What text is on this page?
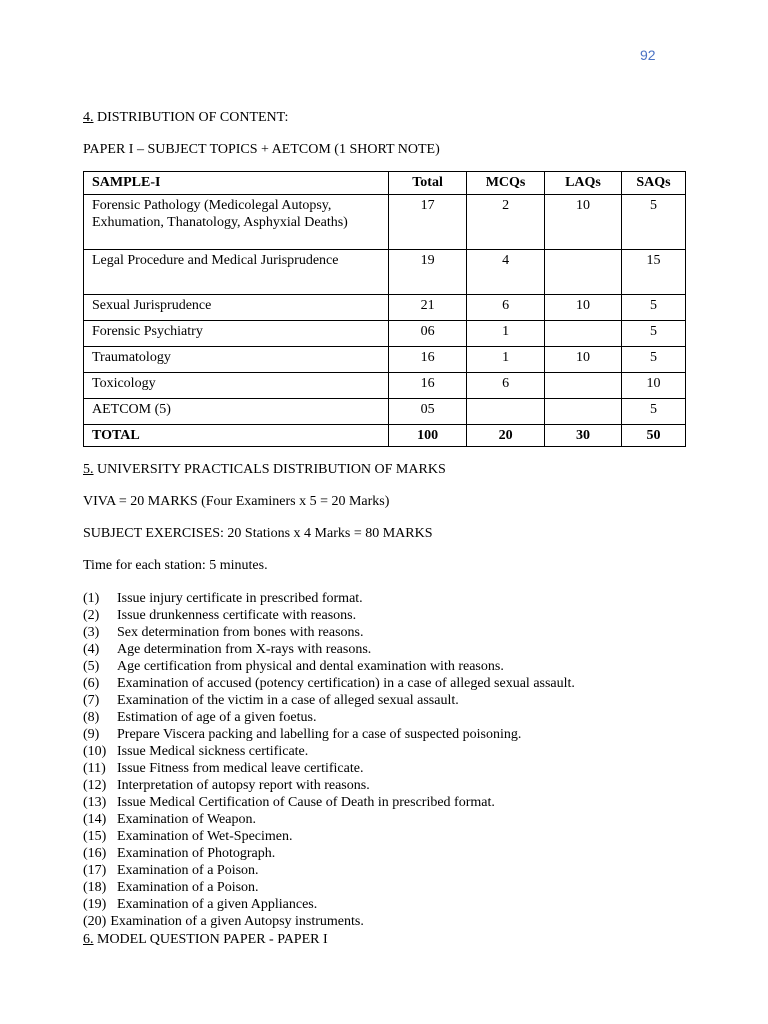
92
4. DISTRIBUTION OF CONTENT:
PAPER I – SUBJECT TOPICS + AETCOM (1 SHORT NOTE)
SAMPLE-I	Total	MCQs	LAQs	SAQs
Forensic Pathology (Medicolegal Autopsy, Exhumation, Thanatology, Asphyxial Deaths)	17	2	10	5
Legal Procedure and Medical Jurisprudence	19	4		15
Sexual Jurisprudence	21	6	10	5
Forensic Psychiatry	06	1		5
Traumatology	16	1	10	5
Toxicology	16	6		10
AETCOM (5)	05			5
TOTAL	100	20	30	50
5. UNIVERSITY PRACTICALS DISTRIBUTION OF MARKS
VIVA = 20 MARKS (Four Examiners x 5 = 20 Marks)
SUBJECT EXERCISES: 20 Stations x 4 Marks = 80 MARKS
Time for each station: 5 minutes.
(1) Issue injury certificate in prescribed format.
(2) Issue drunkenness certificate with reasons.
(3) Sex determination from bones with reasons.
(4) Age determination from X-rays with reasons.
(5) Age certification from physical and dental examination with reasons.
(6) Examination of accused (potency certification) in a case of alleged sexual assault.
(7) Examination of the victim in a case of alleged sexual assault.
(8) Estimation of age of a given foetus.
(9) Prepare Viscera packing and labelling for a case of suspected poisoning.
(10) Issue Medical sickness certificate.
(11) Issue Fitness from medical leave certificate.
(12) Interpretation of autopsy report with reasons.
(13) Issue Medical Certification of Cause of Death in prescribed format.
(14) Examination of Weapon.
(15) Examination of Wet-Specimen.
(16) Examination of Photograph.
(17) Examination of a Poison.
(18) Examination of a Poison.
(19) Examination of a given Appliances.
(20) Examination of a given Autopsy instruments.
6. MODEL QUESTION PAPER - PAPER I
